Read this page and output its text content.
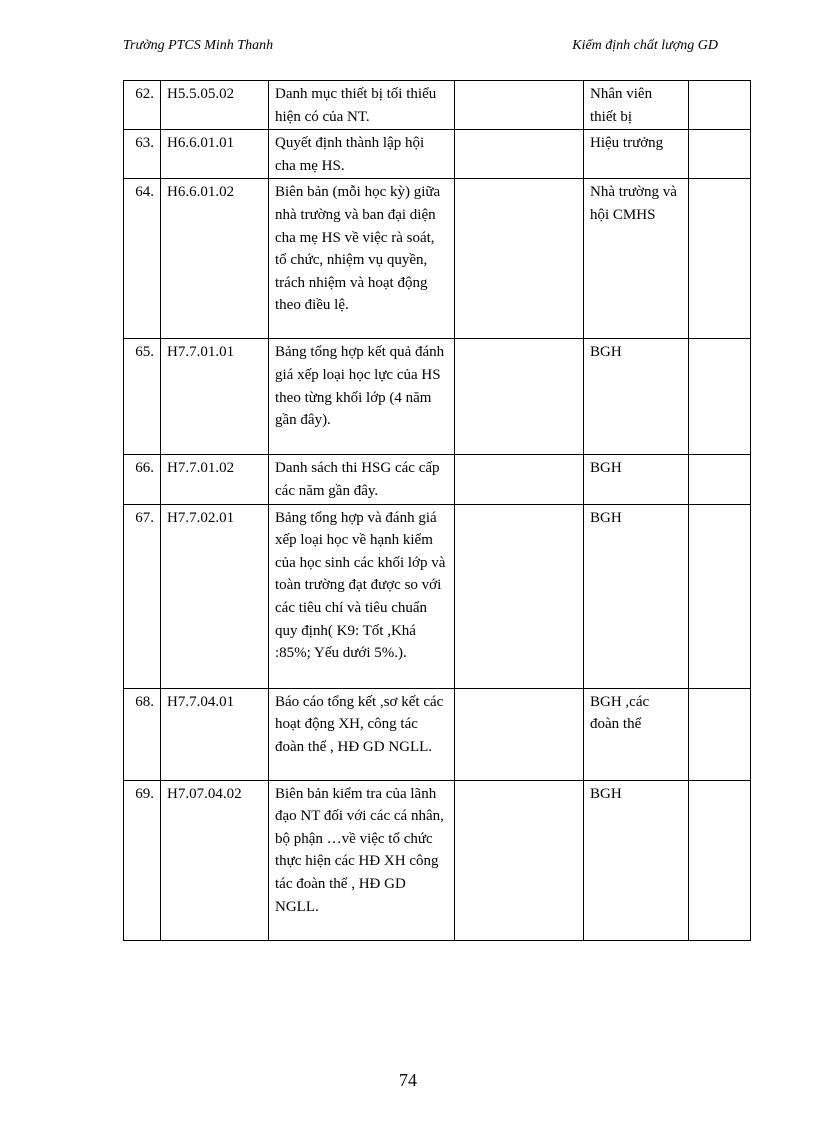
Trường PTCS Minh Thanh	Kiểm định chất lượng GD
62.	H5.5.05.02	Danh mục thiết bị tối thiểu hiện có của NT.		Nhân viên thiết bị	
63.	H6.6.01.01	Quyết định thành lập hội cha mẹ HS.		Hiệu trưởng	
64.	H6.6.01.02	Biên bản (mỗi học kỳ) giữa nhà trường và ban đại diện cha mẹ HS về việc rà soát, tổ chức, nhiệm vụ quyền, trách nhiệm và hoạt động theo điều lệ.		Nhà trường và hội CMHS	
65.	H7.7.01.01	Bảng tổng hợp kết quả đánh giá xếp loại học lực của HS theo từng khối lớp (4 năm gần đây).		BGH	
66.	H7.7.01.02	Danh sách thi HSG các cấp các năm gần đây.		BGH	
67.	H7.7.02.01	Bảng tổng hợp và đánh giá xếp loại học về hạnh kiểm của học sinh các khối lớp và toàn trường đạt được so với các tiêu chí và tiêu chuẩn quy định( K9: Tốt ,Khá :85%; Yếu dưới 5%.).		BGH	
68.	H7.7.04.01	Báo cáo tổng kết ,sơ kết các hoạt động XH, công tác đoàn thể , HĐ GD NGLL.		BGH ,các đoàn thể	
69.	H7.07.04.02	Biên bản kiểm tra của lãnh đạo NT đối với các cá nhân, bộ phận …về việc tổ chức thực hiện các HĐ XH công tác đoàn thể , HĐ GD NGLL.		BGH	
74
